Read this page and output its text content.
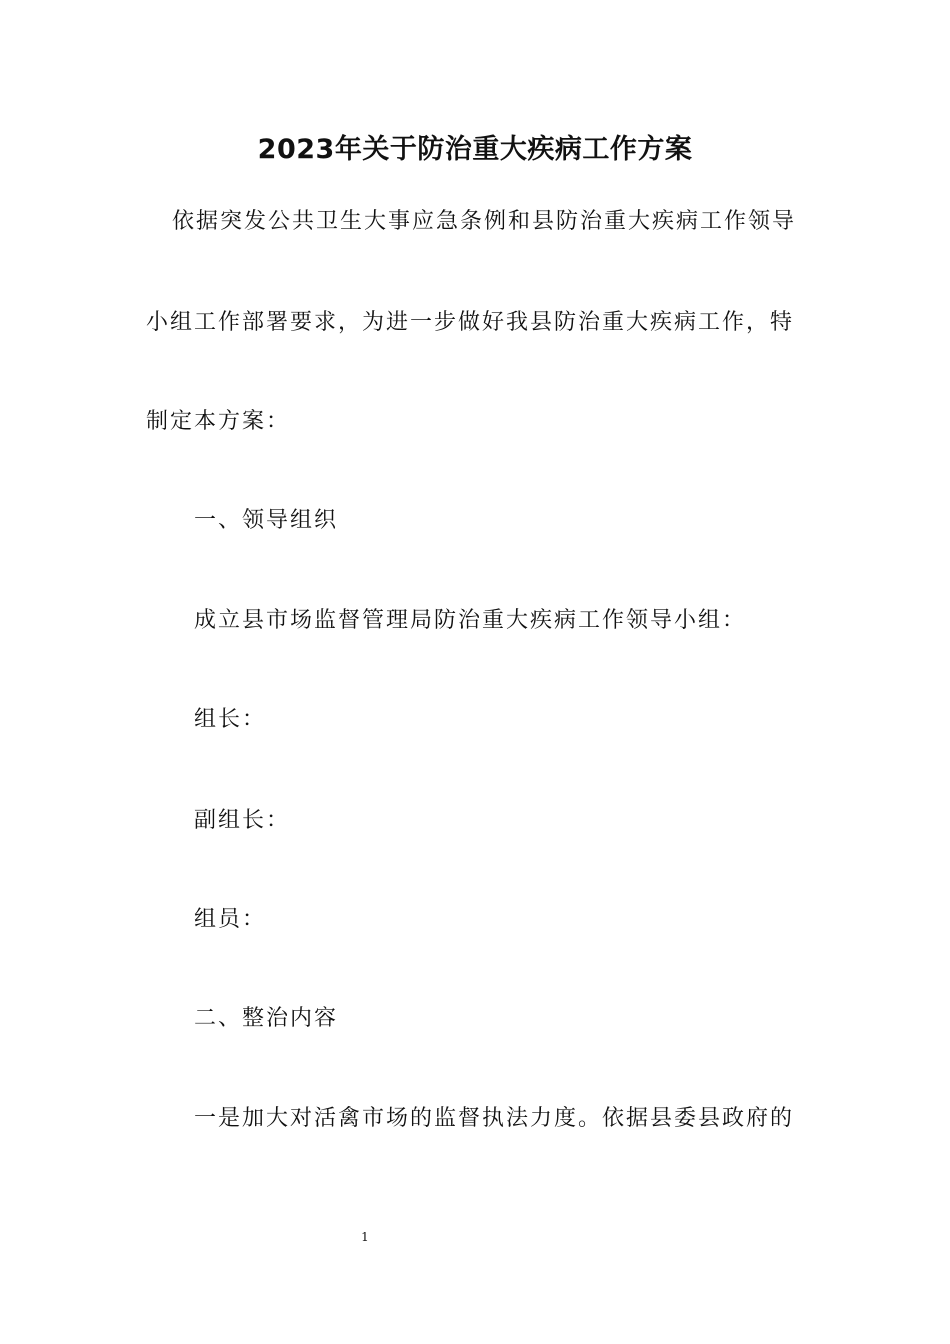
2023年关于防治重大疾病工作方案
依据突发公共卫生大事应急条例和县防治重大疾病工作领导
小组工作部署要求，为进一步做好我县防治重大疾病工作，特
制定本方案：
一、领导组织
成立县市场监督管理局防治重大疾病工作领导小组：
组长：
副组长：
组员：
二、整治内容
一是加大对活禽市场的监督执法力度。依据县委县政府的
1
